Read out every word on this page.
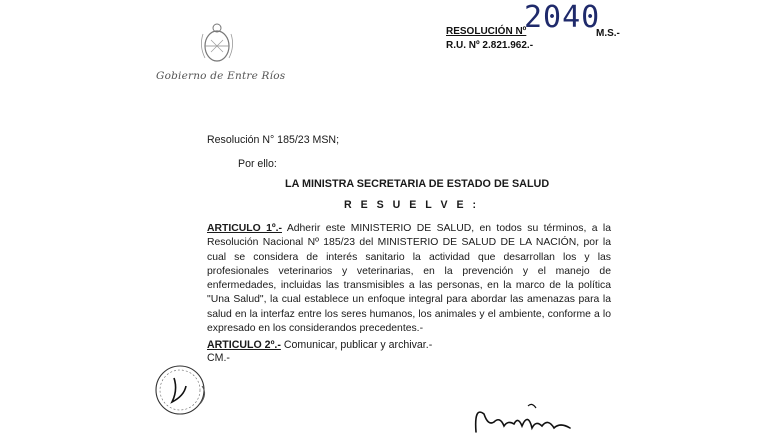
Gobierno de Entre Ríos
RESOLUCIÓN Nº
2040
M.S.-
R.U. Nº 2.821.962.-
Resolución N° 185/23 MSN;
Por ello:
LA MINISTRA SECRETARIA DE ESTADO DE SALUD
R E S U E L V E :
ARTICULO 1º.- Adherir este MINISTERIO DE SALUD, en todos su términos, a la Resolución Nacional Nº 185/23 del MINISTERIO DE SALUD DE LA NACIÓN, por la cual se considera de interés sanitario la actividad que desarrollan los y las profesionales veterinarios y veterinarias, en la prevención y el manejo de enfermedades, incluidas las transmisibles a las personas, en la marco de la política "Una Salud", la cual establece un enfoque integral para abordar las amenazas para la salud en la interfaz entre los seres humanos, los animales y el ambiente, conforme a lo expresado en los considerandos precedentes.-
ARTICULO 2º.- Comunicar, publicar y archivar.-
CM.-
